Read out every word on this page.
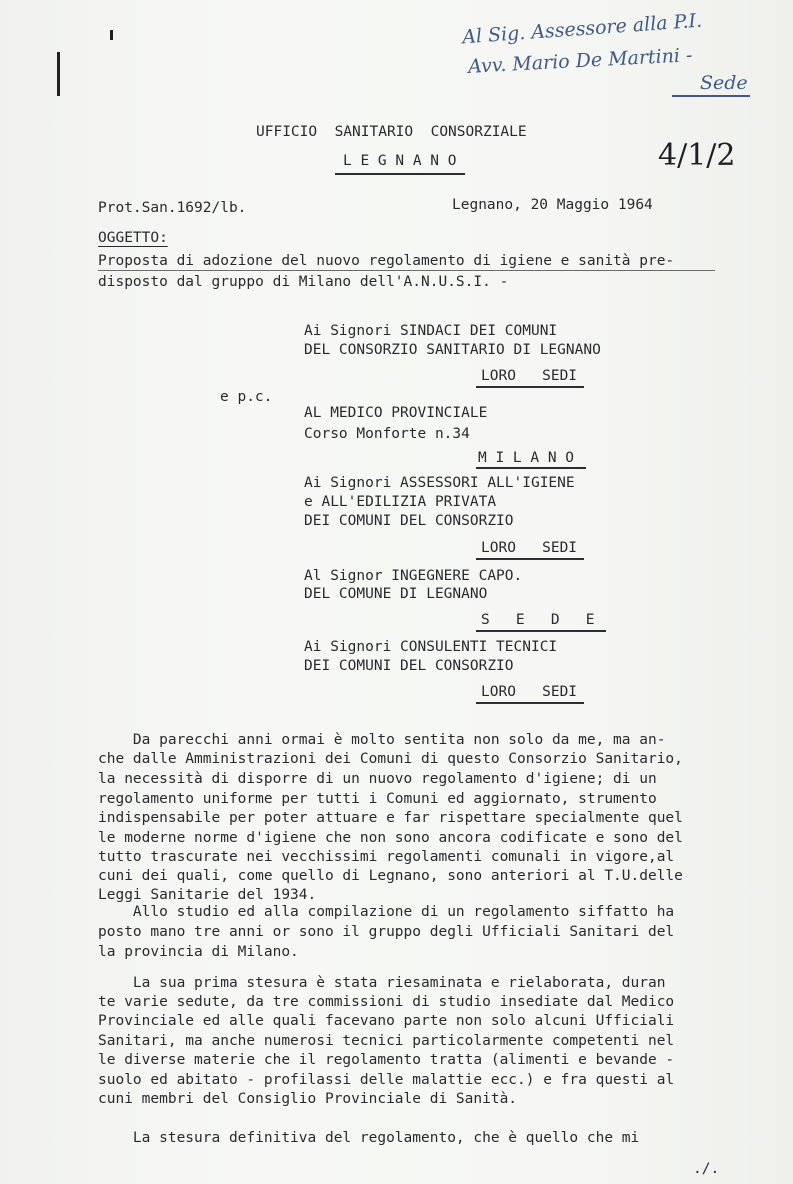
Al Sig. Assessore alla P.I.
Avv. Mario De Martini -
Sede
4/1/2
UFFICIO  SANITARIO  CONSORZIALE
L E G N A N O
Prot.San.1692/lb.	Legnano, 20 Maggio 1964
OGGETTO:
Proposta di adozione del nuovo regolamento di igiene e sanità pre-
disposto dal gruppo di Milano dell'A.N.U.S.I. -
Ai Signori SINDACI DEI COMUNI
DEL CONSORZIO SANITARIO DI LEGNANO
LORO   SEDI
e p.c.
AL MEDICO PROVINCIALE
Corso Monforte n.34
M I L A N O
Ai Signori ASSESSORI ALL'IGIENE
e ALL'EDILIZIA PRIVATA
DEI COMUNI DEL CONSORZIO
LORO   SEDI
Al Signor INGEGNERE CAPO.
DEL COMUNE DI LEGNANO
S   E   D   E
Ai Signori CONSULENTI TECNICI
DEI COMUNI DEL CONSORZIO
LORO   SEDI
Da parecchi anni ormai è molto sentita non solo da me, ma an-
che dalle Amministrazioni dei Comuni di questo Consorzio Sanitario,
la necessità di disporre di un nuovo regolamento d'igiene; di un
regolamento uniforme per tutti i Comuni ed aggiornato, strumento
indispensabile per poter attuare e far rispettare specialmente quel
le moderne norme d'igiene che non sono ancora codificate e sono del
tutto trascurate nei vecchissimi regolamenti comunali in vigore,al
cuni dei quali, come quello di Legnano, sono anteriori al T.U.delle
Leggi Sanitarie del 1934.
Allo studio ed alla compilazione di un regolamento siffatto ha
posto mano tre anni or sono il gruppo degli Ufficiali Sanitari del
la provincia di Milano.
La sua prima stesura è stata riesaminata e rielaborata, duran
te varie sedute, da tre commissioni di studio insediate dal Medico
Provinciale ed alle quali facevano parte non solo alcuni Ufficiali
Sanitari, ma anche numerosi tecnici particolarmente competenti nel
le diverse materie che il regolamento tratta (alimenti e bevande -
suolo ed abitato - profilassi delle malattie ecc.) e fra questi al
cuni membri del Consiglio Provinciale di Sanità.
La stesura definitiva del regolamento, che è quello che mi
./.
